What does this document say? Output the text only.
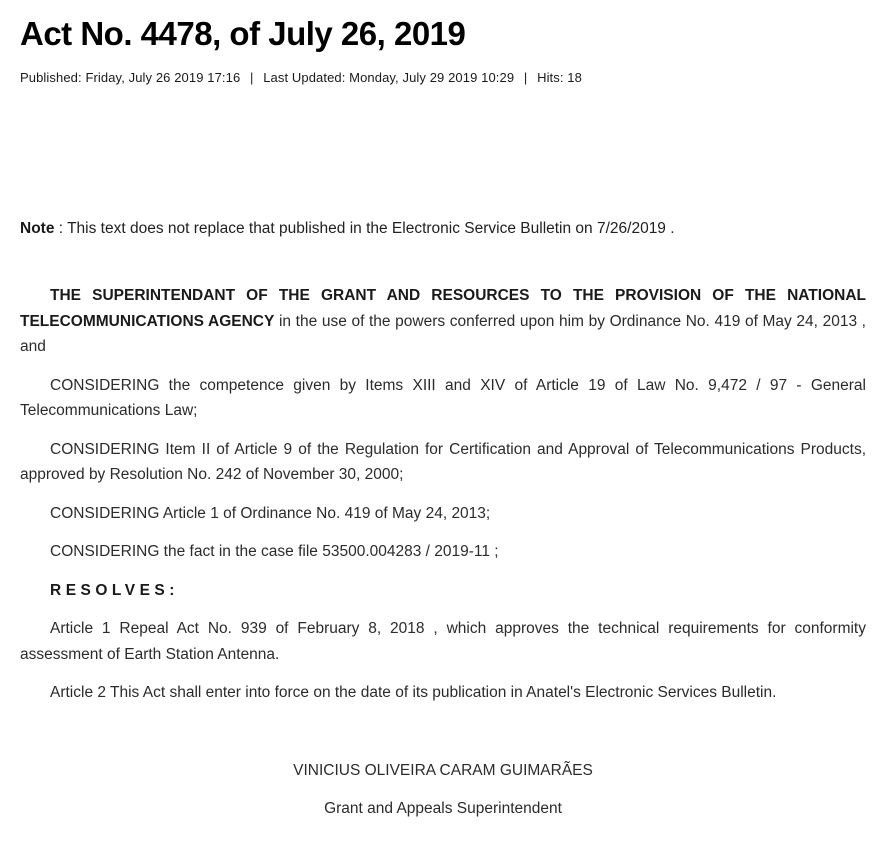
Act No. 4478, of July 26, 2019
Published: Friday, July 26 2019 17:16 | Last Updated: Monday, July 29 2019 10:29 | Hits: 18

Note : This text does not replace that published in the Electronic Service Bulletin on 7/26/2019 .

THE SUPERINTENDANT OF THE GRANT AND RESOURCES TO THE PROVISION OF THE NATIONAL TELECOMMUNICATIONS AGENCY in the use of the powers conferred upon him by Ordinance No. 419 of May 24, 2013 , and

CONSIDERING the competence given by Items XIII and XIV of Article 19 of Law No. 9,472 / 97 - General Telecommunications Law;

CONSIDERING Item II of Article 9 of the Regulation for Certification and Approval of Telecommunications Products, approved by Resolution No. 242 of November 30, 2000;

CONSIDERING Article 1 of Ordinance No. 419 of May 24, 2013;

CONSIDERING the fact in the case file 53500.004283 / 2019-11 ;

RESOLVES:

Article 1 Repeal Act No. 939 of February 8, 2018 , which approves the technical requirements for conformity assessment of Earth Station Antenna.

Article 2 This Act shall enter into force on the date of its publication in Anatel's Electronic Services Bulletin.

VINICIUS OLIVEIRA CARAM GUIMARÃES
Grant and Appeals Superintendent
